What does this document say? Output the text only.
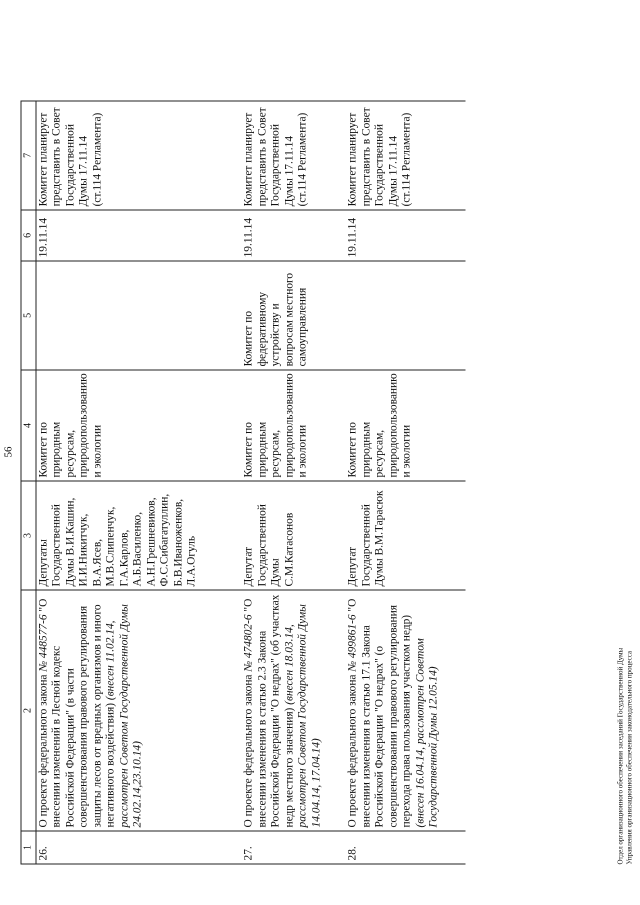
56
1	2	3	4	5	6	7
26.	О проекте федерального закона № 448577-6 "О внесении изменений в Лесной кодекс Российской Федерации" (в части совершенствования правового регулирования защиты лесов от вредных организмов и иного негативного воздействия) (внесен 11.02.14, рассмотрен Советом Государственной Думы 24.02.14,23.10.14)	Депутаты Государственной Думы В.И.Кашин, И.И.Никитчук, В.А.Ясев, М.В.Слипенчук, Г.А.Карлов, А.Б.Василенко, А.Н.Грешневиков, Ф.С.Сибагатуллин, Б.В.Иваноженков, Л.А.Огуль	Комитет по природным ресурсам, природопользованию и экологии		19.11.14	Комитет планирует представить в Совет Государственной Думы 17.11.14 (ст.114 Регламента)
27.	О проекте федерального закона № 474802-6 "О внесении изменения в статью 2.3 Закона Российской Федерации "О недрах" (об участках недр местного значения) (внесен 18.03.14, рассмотрен Советом Государственной Думы 14.04.14, 17.04.14)	Депутат Государственной Думы С.М.Катасонов	Комитет по природным ресурсам, природопользованию и экологии	Комитет по федеративному устройству и вопросам местного самоуправления	19.11.14	Комитет планирует представить в Совет Государственной Думы 17.11.14 (ст.114 Регламента)
28.	О проекте федерального закона № 499861-6 "О внесении изменения в статью 17.1 Закона Российской Федерации "О недрах" (о совершенствовании правового регулирования перехода права пользования участком недр) (внесен 16.04.14, рассмотрен Советом Государственной Думы 12.05.14)	Депутат Государственной Думы В.М.Тарасюк	Комитет по природным ресурсам, природопользованию и экологии		19.11.14	Комитет планирует представить в Совет Государственной Думы 17.11.14 (ст.114 Регламента)
Отдел организационного обеспечения заседаний Государственной Думы Управления организационного обеспечения законодательного процесса
